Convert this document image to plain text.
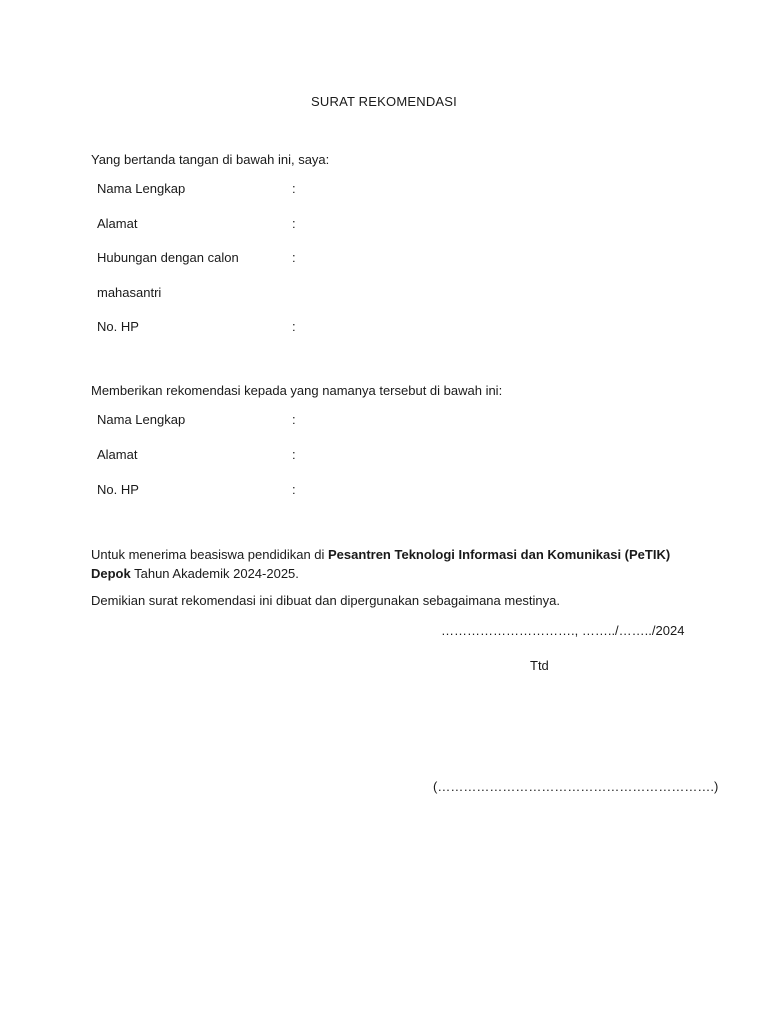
SURAT REKOMENDASI
Yang bertanda tangan di bawah ini, saya:
Nama Lengkap	:
Alamat	:
Hubungan dengan calon	:
mahasantri
No. HP	:
Memberikan rekomendasi kepada yang namanya tersebut di bawah ini:
Nama Lengkap	:
Alamat	:
No. HP	:
Untuk menerima beasiswa pendidikan di Pesantren Teknologi Informasi dan Komunikasi (PeTIK) Depok Tahun Akademik 2024-2025.
Demikian surat rekomendasi ini dibuat dan dipergunakan sebagaimana mestinya.
…………………………., ……../……../2024
Ttd
(……………………………………………………….)
